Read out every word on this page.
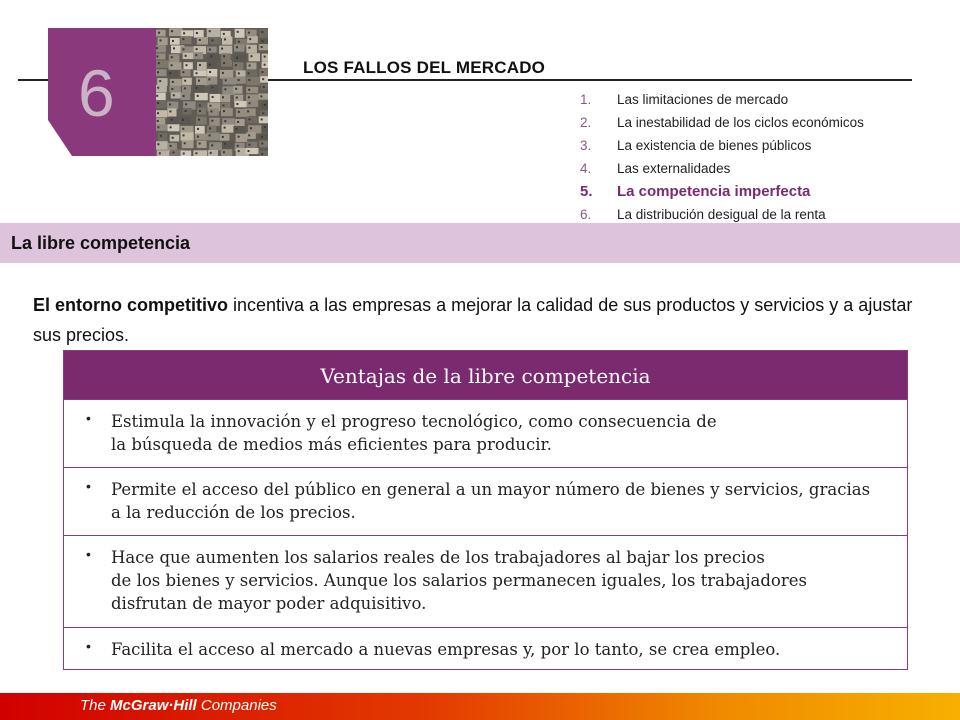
6	LOS FALLOS DEL MERCADO
1. Las limitaciones de mercado
2. La inestabilidad de los ciclos económicos
3. La existencia de bienes públicos
4. Las externalidades
5. La competencia imperfecta
6. La distribución desigual de la renta
La libre competencia
El entorno competitivo incentiva a las empresas a mejorar la calidad de sus productos y servicios y a ajustar sus precios.
Ventajas de la libre competencia
• Estimula la innovación y el progreso tecnológico, como consecuencia de
la búsqueda de medios más eficientes para producir.
• Permite el acceso del público en general a un mayor número de bienes y servicios, gracias
a la reducción de los precios.
• Hace que aumenten los salarios reales de los trabajadores al bajar los precios
de los bienes y servicios. Aunque los salarios permanecen iguales, los trabajadores
disfrutan de mayor poder adquisitivo.
• Facilita el acceso al mercado a nuevas empresas y, por lo tanto, se crea empleo.
The McGraw·Hill Companies
